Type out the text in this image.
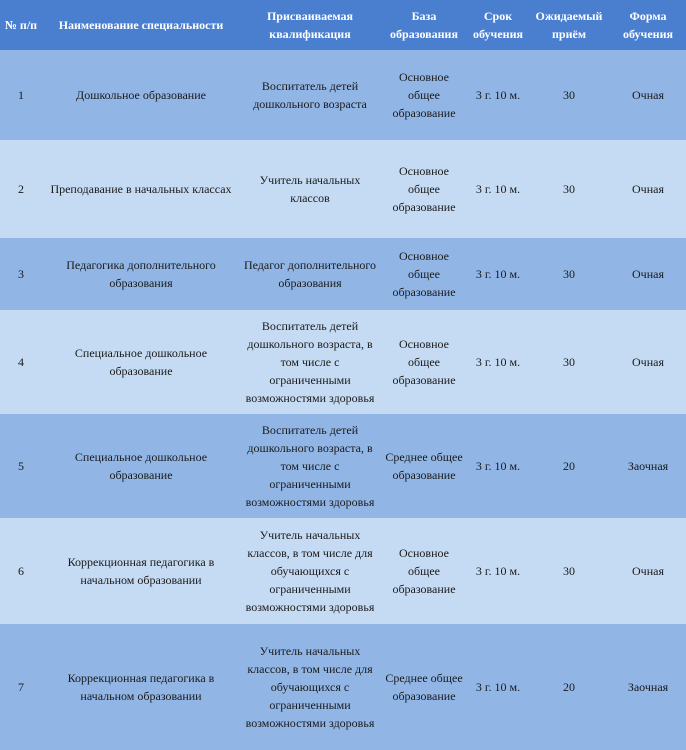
№ п/п	Наименование специальности	Присваиваемая квалификация	База образования	Срок обучения	Ожидаемый приём	Форма обучения
1	Дошкольное образование	Воспитатель детей дошкольного возраста	Основное общее образование	3 г. 10 м.	30	Очная
2	Преподавание в начальных классах	Учитель начальных классов	Основное общее образование	3 г. 10 м.	30	Очная
3	Педагогика дополнительного образования	Педагог дополнительного образования	Основное общее образование	3 г. 10 м.	30	Очная
4	Специальное дошкольное образование	Воспитатель детей дошкольного возраста, в том числе с ограниченными возможностями здоровья	Основное общее образование	3 г. 10 м.	30	Очная
5	Специальное дошкольное образование	Воспитатель детей дошкольного возраста, в том числе с ограниченными возможностями здоровья	Среднее общее образование	3 г. 10 м.	20	Заочная
6	Коррекционная педагогика в начальном образовании	Учитель начальных классов, в том числе для обучающихся с ограниченными возможностями здоровья	Основное общее образование	3 г. 10 м.	30	Очная
7	Коррекционная педагогика в начальном образовании	Учитель начальных классов, в том числе для обучающихся с ограниченными возможностями здоровья	Среднее общее образование	3 г. 10 м.	20	Заочная
